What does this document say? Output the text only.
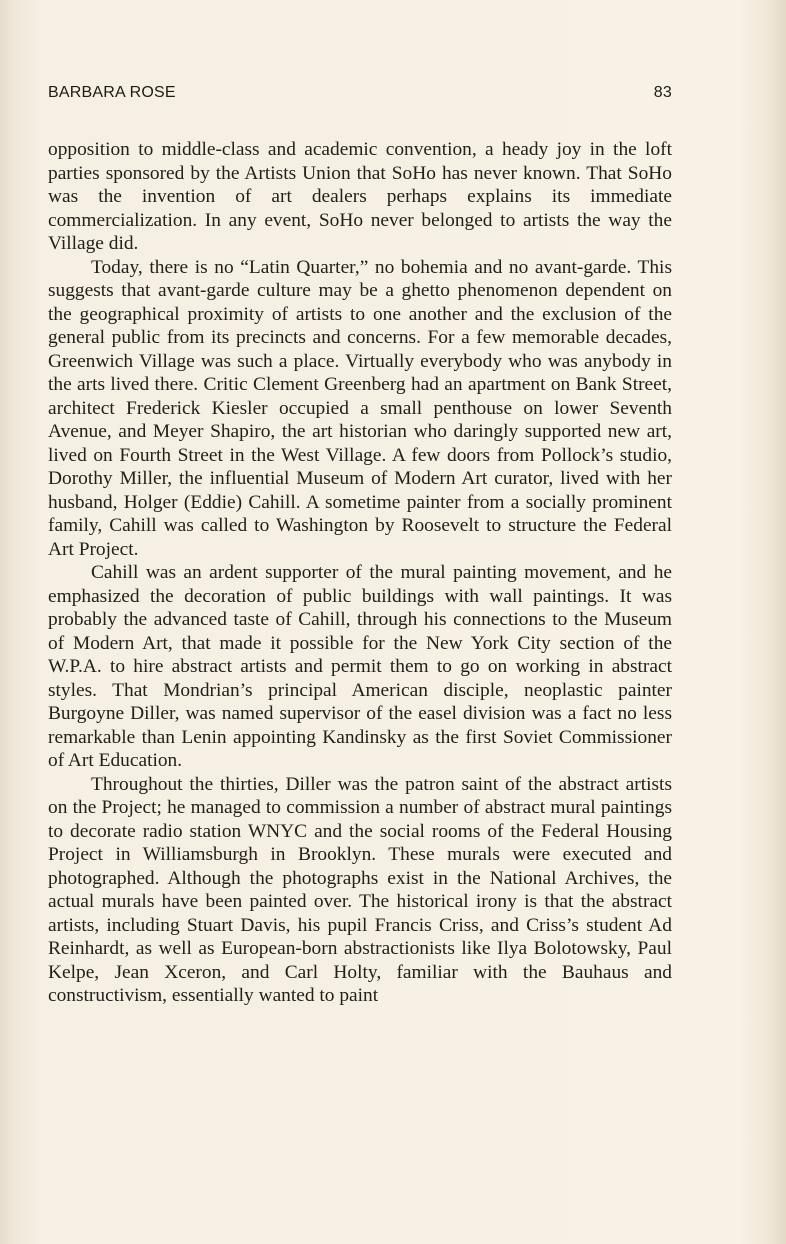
BARBARA ROSE	83

opposition to middle-class and academic convention, a heady joy in the loft parties sponsored by the Artists Union that SoHo has never known. That SoHo was the invention of art dealers perhaps explains its immediate commercialization. In any event, SoHo never belonged to artists the way the Village did.

Today, there is no “Latin Quarter,” no bohemia and no avant-garde. This suggests that avant-garde culture may be a ghetto phenomenon dependent on the geographical proximity of artists to one another and the exclusion of the general public from its precincts and concerns. For a few memorable decades, Greenwich Village was such a place. Virtually everybody who was anybody in the arts lived there. Critic Clement Greenberg had an apartment on Bank Street, architect Frederick Kiesler occupied a small penthouse on lower Seventh Avenue, and Meyer Shapiro, the art historian who daringly supported new art, lived on Fourth Street in the West Village. A few doors from Pollock’s studio, Dorothy Miller, the influential Museum of Modern Art curator, lived with her husband, Holger (Eddie) Cahill. A sometime painter from a socially prominent family, Cahill was called to Washington by Roosevelt to structure the Federal Art Project.

Cahill was an ardent supporter of the mural painting movement, and he emphasized the decoration of public buildings with wall paintings. It was probably the advanced taste of Cahill, through his connections to the Museum of Modern Art, that made it possible for the New York City section of the W.P.A. to hire abstract artists and permit them to go on working in abstract styles. That Mondrian’s principal American disciple, neoplastic painter Burgoyne Diller, was named supervisor of the easel division was a fact no less remarkable than Lenin appointing Kandinsky as the first Soviet Commissioner of Art Education.

Throughout the thirties, Diller was the patron saint of the abstract artists on the Project; he managed to commission a number of abstract mural paintings to decorate radio station WNYC and the social rooms of the Federal Housing Project in Williamsburgh in Brooklyn. These murals were executed and photographed. Although the photographs exist in the National Archives, the actual murals have been painted over. The historical irony is that the abstract artists, including Stuart Davis, his pupil Francis Criss, and Criss’s student Ad Reinhardt, as well as European-born abstractionists like Ilya Bolotowsky, Paul Kelpe, Jean Xceron, and Carl Holty, familiar with the Bauhaus and constructivism, essentially wanted to paint
